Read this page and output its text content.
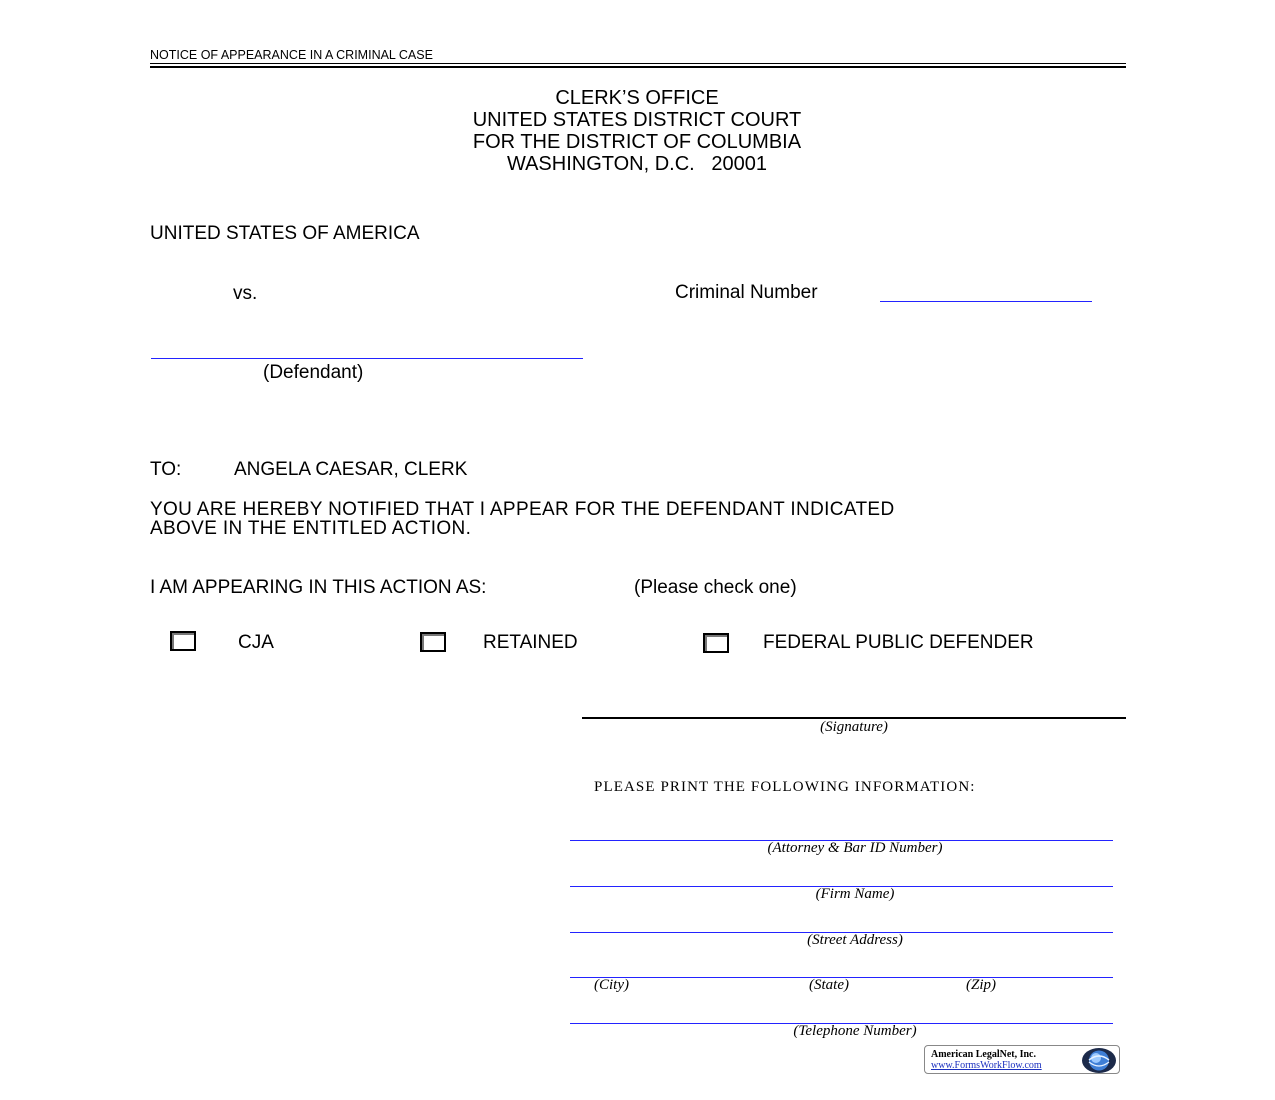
NOTICE OF APPEARANCE IN A CRIMINAL CASE
CLERK’S OFFICE
UNITED STATES DISTRICT COURT
FOR THE DISTRICT OF COLUMBIA
WASHINGTON, D.C.   20001
UNITED STATES OF AMERICA
vs.	Criminal Number
(Defendant)
TO:	ANGELA CAESAR, CLERK
YOU ARE HEREBY NOTIFIED THAT I APPEAR FOR THE DEFENDANT INDICATED
ABOVE IN THE ENTITLED ACTION.
I AM APPEARING IN THIS ACTION AS:	(Please check one)
CJA	RETAINED	FEDERAL PUBLIC DEFENDER
(Signature)
PLEASE PRINT THE FOLLOWING INFORMATION:
(Attorney & Bar ID Number)
(Firm Name)
(Street Address)
(City)	(State)	(Zip)
(Telephone Number)
American LegalNet, Inc.
www.FormsWorkFlow.com
